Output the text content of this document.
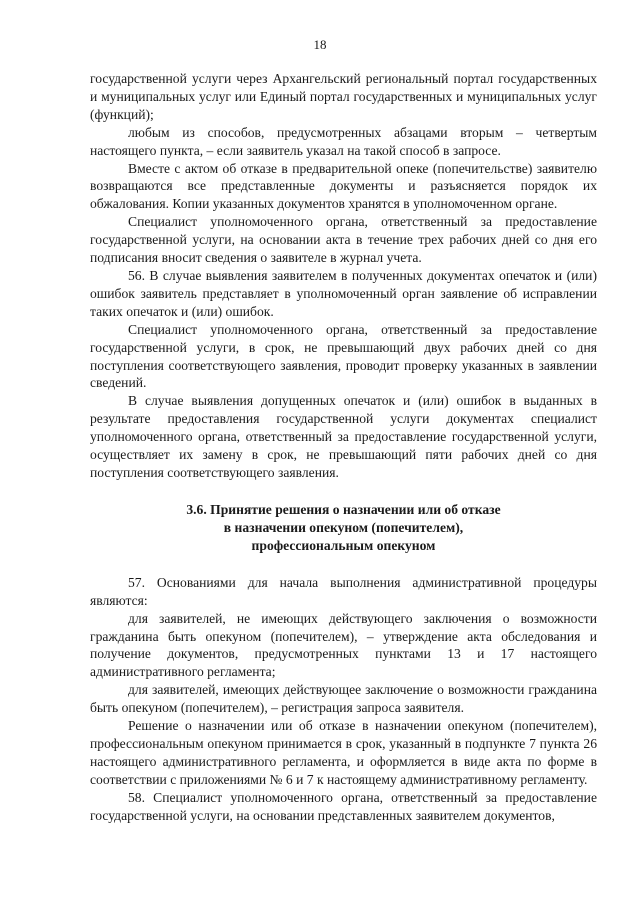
18

государственной услуги через Архангельский региональный портал государственных и муниципальных услуг или Единый портал государственных и муниципальных услуг (функций);

любым из способов, предусмотренных абзацами вторым – четвертым настоящего пункта, – если заявитель указал на такой способ в запросе.

Вместе с актом об отказе в предварительной опеке (попечительстве) заявителю возвращаются все представленные документы и разъясняется порядок их обжалования. Копии указанных документов хранятся в уполномоченном органе.

Специалист уполномоченного органа, ответственный за предоставление государственной услуги, на основании акта в течение трех рабочих дней со дня его подписания вносит сведения о заявителе в журнал учета.

56. В случае выявления заявителем в полученных документах опечаток и (или) ошибок заявитель представляет в уполномоченный орган заявление об исправлении таких опечаток и (или) ошибок.

Специалист уполномоченного органа, ответственный за предоставление государственной услуги, в срок, не превышающий двух рабочих дней со дня поступления соответствующего заявления, проводит проверку указанных в заявлении сведений.

В случае выявления допущенных опечаток и (или) ошибок в выданных в результате предоставления государственной услуги документах специалист уполномоченного органа, ответственный за предоставление государственной услуги, осуществляет их замену в срок, не превышающий пяти рабочих дней со дня поступления соответствующего заявления.

3.6. Принятие решения о назначении или об отказе
в назначении опекуном (попечителем),
профессиональным опекуном

57. Основаниями для начала выполнения административной процедуры являются:

для заявителей, не имеющих действующего заключения о возможности гражданина быть опекуном (попечителем), – утверждение акта обследования и получение документов, предусмотренных пунктами 13 и 17 настоящего административного регламента;

для заявителей, имеющих действующее заключение о возможности гражданина быть опекуном (попечителем), – регистрация запроса заявителя.

Решение о назначении или об отказе в назначении опекуном (попечителем), профессиональным опекуном принимается в срок, указанный в подпункте 7 пункта 26 настоящего административного регламента, и оформляется в виде акта по форме в соответствии с приложениями № 6 и 7 к настоящему административному регламенту.

58. Специалист уполномоченного органа, ответственный за предоставление государственной услуги, на основании представленных заявителем документов,
